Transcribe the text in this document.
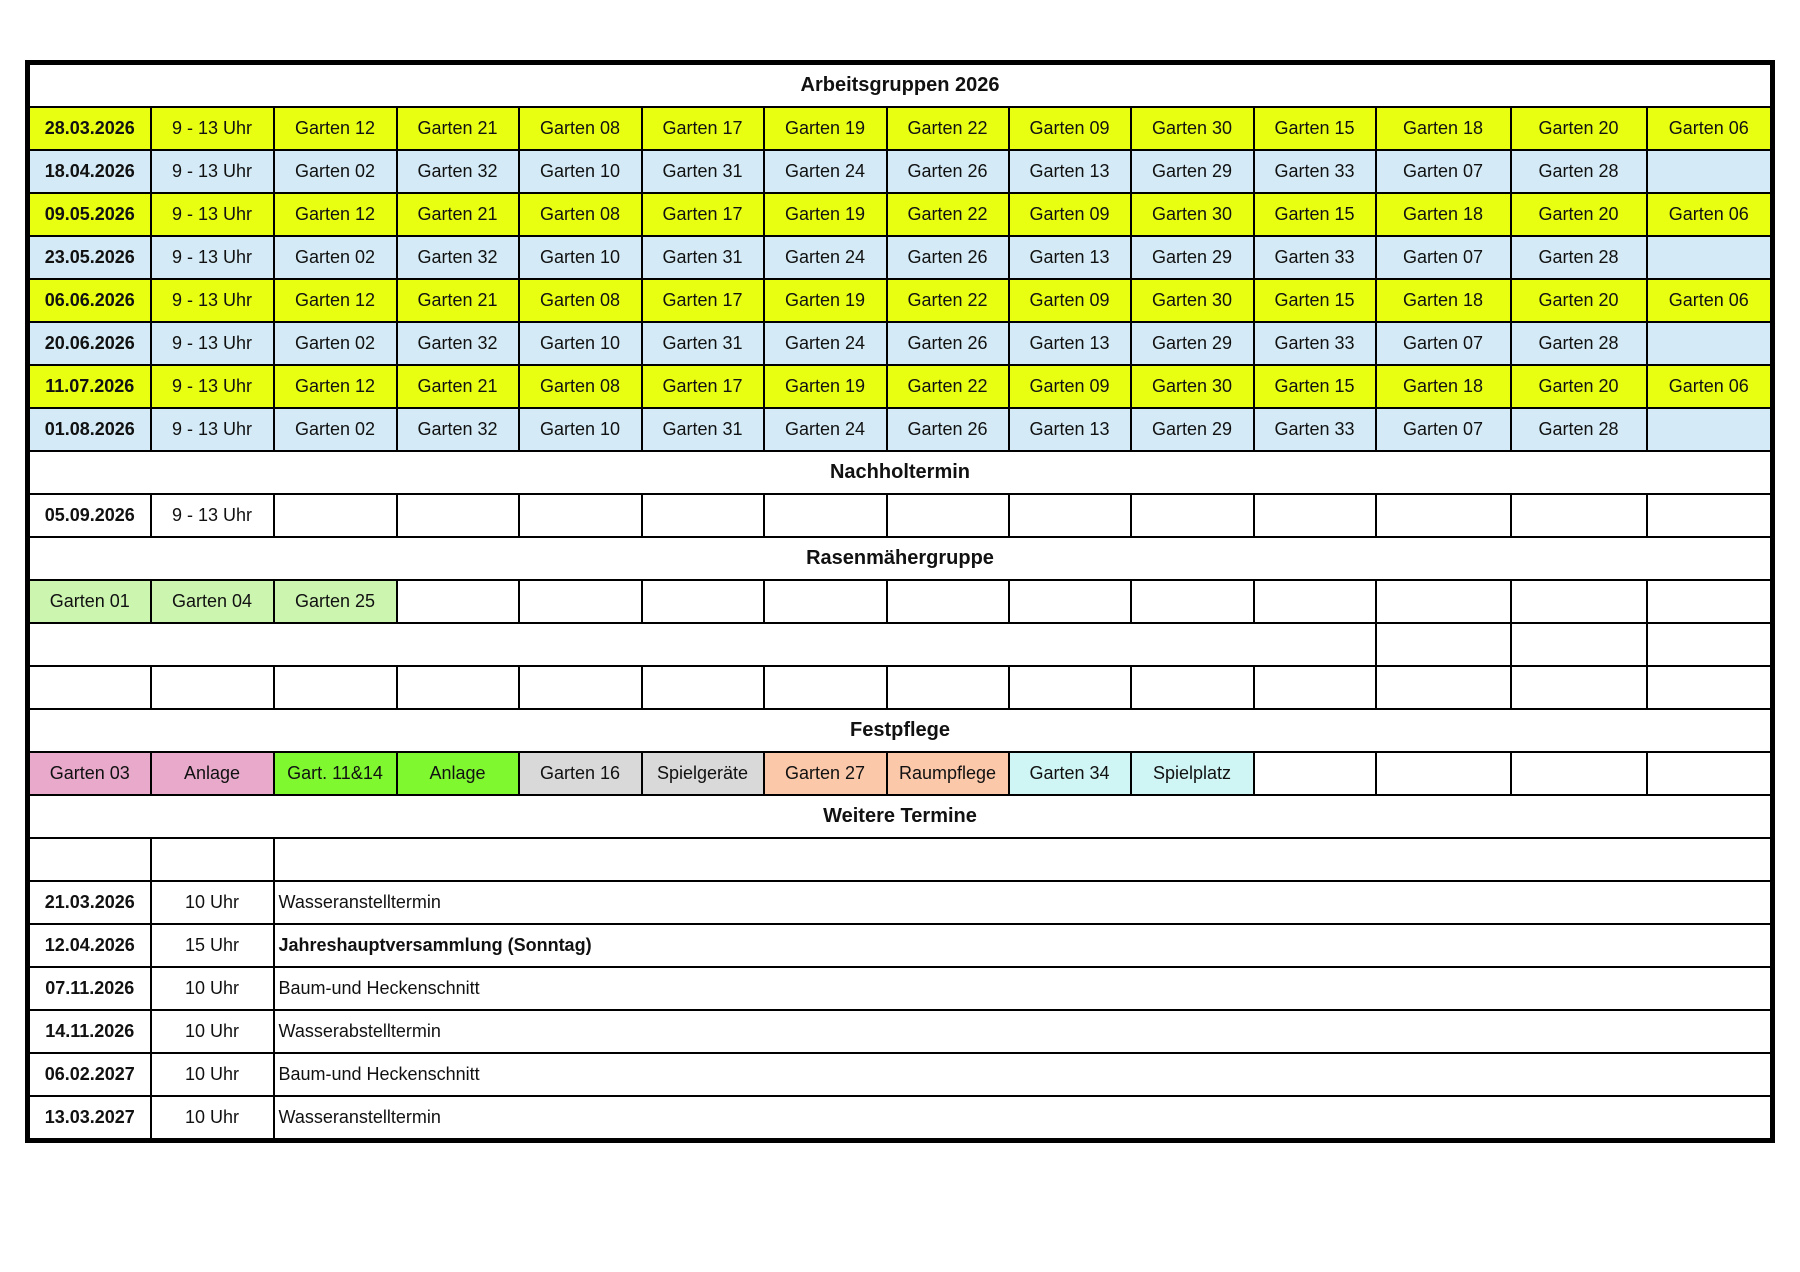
Arbeitsgruppen 2026													
28.03.2026	9 - 13 Uhr	Garten 12	Garten 21	Garten 08	Garten 17	Garten 19	Garten 22	Garten 09	Garten 30	Garten 15	Garten 18	Garten 20	Garten 06
18.04.2026	9 - 13 Uhr	Garten 02	Garten 32	Garten 10	Garten 31	Garten 24	Garten 26	Garten 13	Garten 29	Garten 33	Garten 07	Garten 28	
09.05.2026	9 - 13 Uhr	Garten 12	Garten 21	Garten 08	Garten 17	Garten 19	Garten 22	Garten 09	Garten 30	Garten 15	Garten 18	Garten 20	Garten 06
23.05.2026	9 - 13 Uhr	Garten 02	Garten 32	Garten 10	Garten 31	Garten 24	Garten 26	Garten 13	Garten 29	Garten 33	Garten 07	Garten 28	
06.06.2026	9 - 13 Uhr	Garten 12	Garten 21	Garten 08	Garten 17	Garten 19	Garten 22	Garten 09	Garten 30	Garten 15	Garten 18	Garten 20	Garten 06
20.06.2026	9 - 13 Uhr	Garten 02	Garten 32	Garten 10	Garten 31	Garten 24	Garten 26	Garten 13	Garten 29	Garten 33	Garten 07	Garten 28	
11.07.2026	9 - 13 Uhr	Garten 12	Garten 21	Garten 08	Garten 17	Garten 19	Garten 22	Garten 09	Garten 30	Garten 15	Garten 18	Garten 20	Garten 06
01.08.2026	9 - 13 Uhr	Garten 02	Garten 32	Garten 10	Garten 31	Garten 24	Garten 26	Garten 13	Garten 29	Garten 33	Garten 07	Garten 28	
Nachholtermin													
05.09.2026	9 - 13 Uhr												
Rasenmähergruppe													
Garten 01	Garten 04	Garten 25											

Festpflege													
Garten 03	Anlage	Gart. 11&14	Anlage	Garten 16	Spielgeräte	Garten 27	Raumpflege	Garten 34	Spielplatz				
Weitere Termine													

21.03.2026	10 Uhr	Wasseranstelltermin											
12.04.2026	15 Uhr	Jahreshauptversammlung (Sonntag)											
07.11.2026	10 Uhr	Baum-und Heckenschnitt											
14.11.2026	10 Uhr	Wasserabstelltermin											
06.02.2027	10 Uhr	Baum-und Heckenschnitt											
13.03.2027	10 Uhr	Wasseranstelltermin											
